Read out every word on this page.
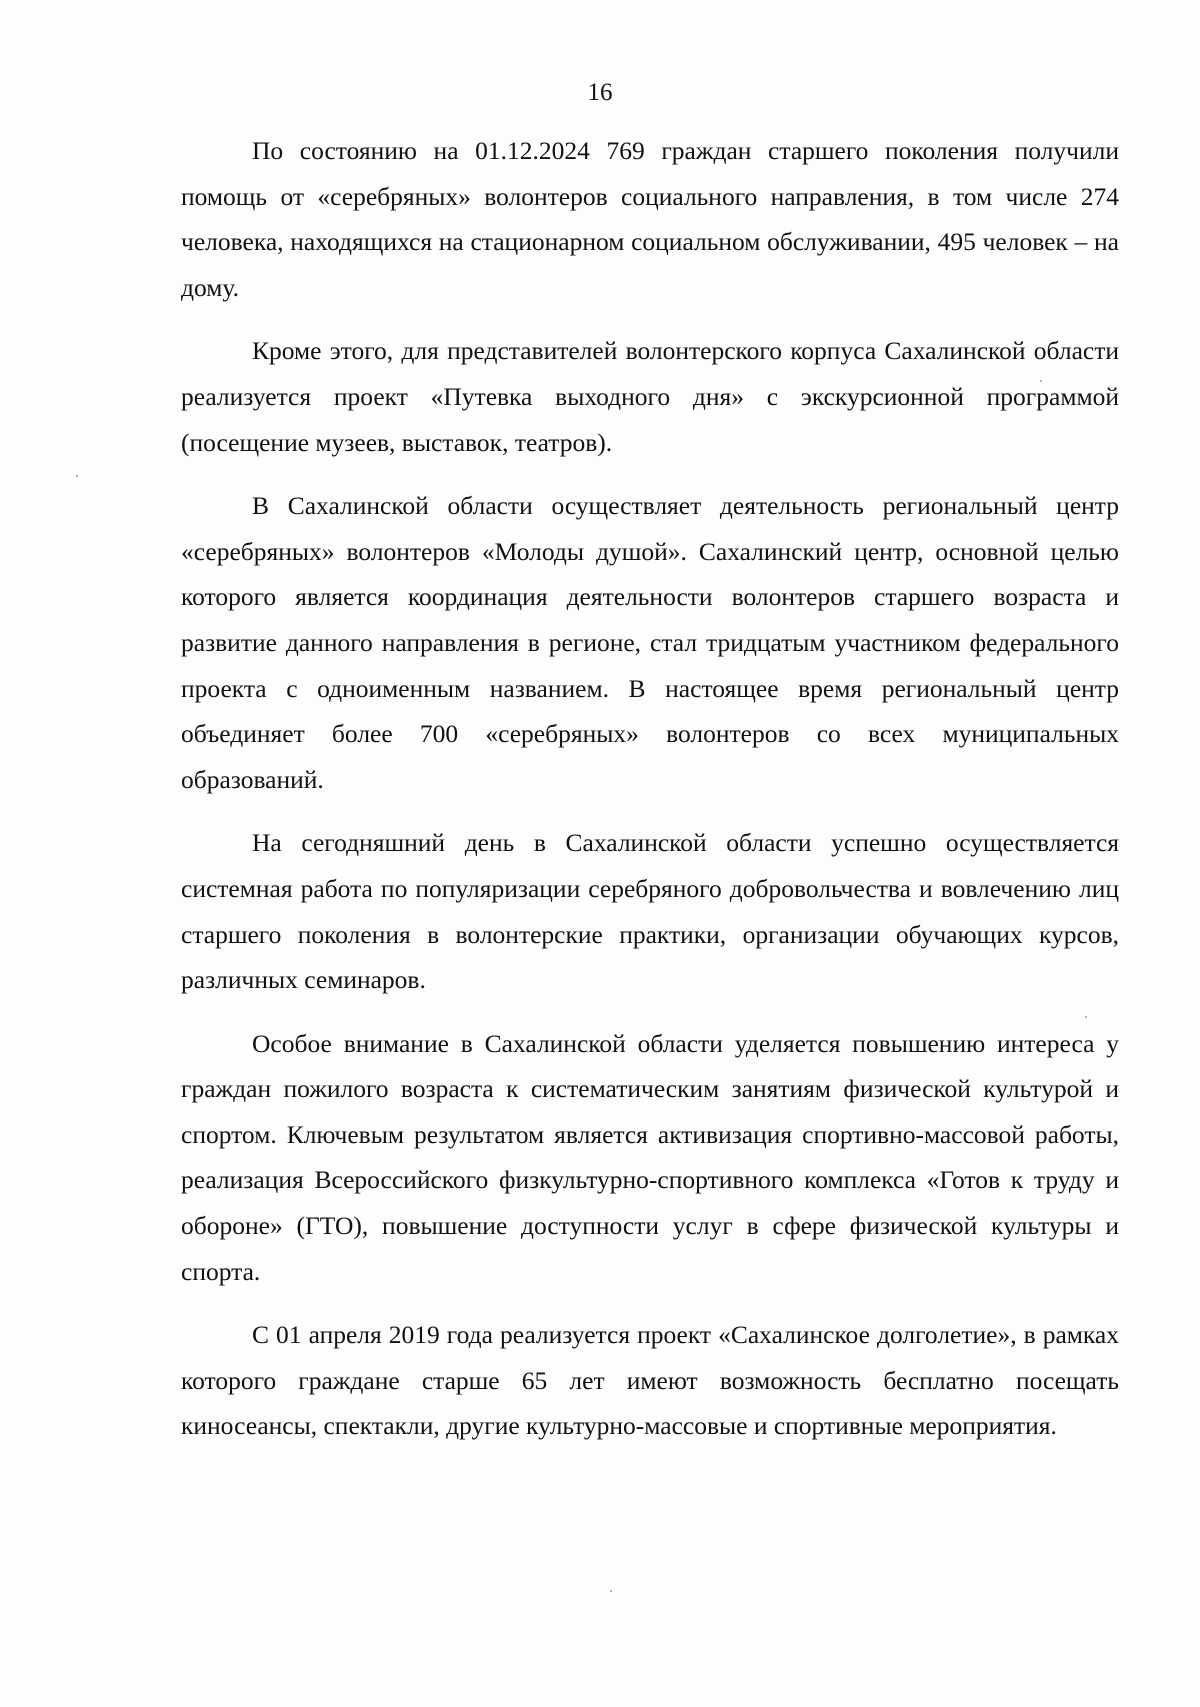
16

По состоянию на 01.12.2024 769 граждан старшего поколения получили помощь от «серебряных» волонтеров социального направления, в том числе 274 человека, находящихся на стационарном социальном обслуживании, 495 человек – на дому.

Кроме этого, для представителей волонтерского корпуса Сахалинской области реализуется проект «Путевка выходного дня» с экскурсионной программой (посещение музеев, выставок, театров).

В Сахалинской области осуществляет деятельность региональный центр «серебряных» волонтеров «Молоды душой». Сахалинский центр, основной целью которого является координация деятельности волонтеров старшего возраста и развитие данного направления в регионе, стал тридцатым участником федерального проекта с одноименным названием. В настоящее время региональный центр объединяет более 700 «серебряных» волонтеров со всех муниципальных образований.

На сегодняшний день в Сахалинской области успешно осуществляется системная работа по популяризации серебряного добровольчества и вовлечению лиц старшего поколения в волонтерские практики, организации обучающих курсов, различных семинаров.

Особое внимание в Сахалинской области уделяется повышению интереса у граждан пожилого возраста к систематическим занятиям физической культурой и спортом. Ключевым результатом является активизация спортивно-массовой работы, реализация Всероссийского физкультурно-спортивного комплекса «Готов к труду и обороне» (ГТО), повышение доступности услуг в сфере физической культуры и спорта.

С 01 апреля 2019 года реализуется проект «Сахалинское долголетие», в рамках которого граждане старше 65 лет имеют возможность бесплатно посещать киносеансы, спектакли, другие культурно-массовые и спортивные мероприятия.
